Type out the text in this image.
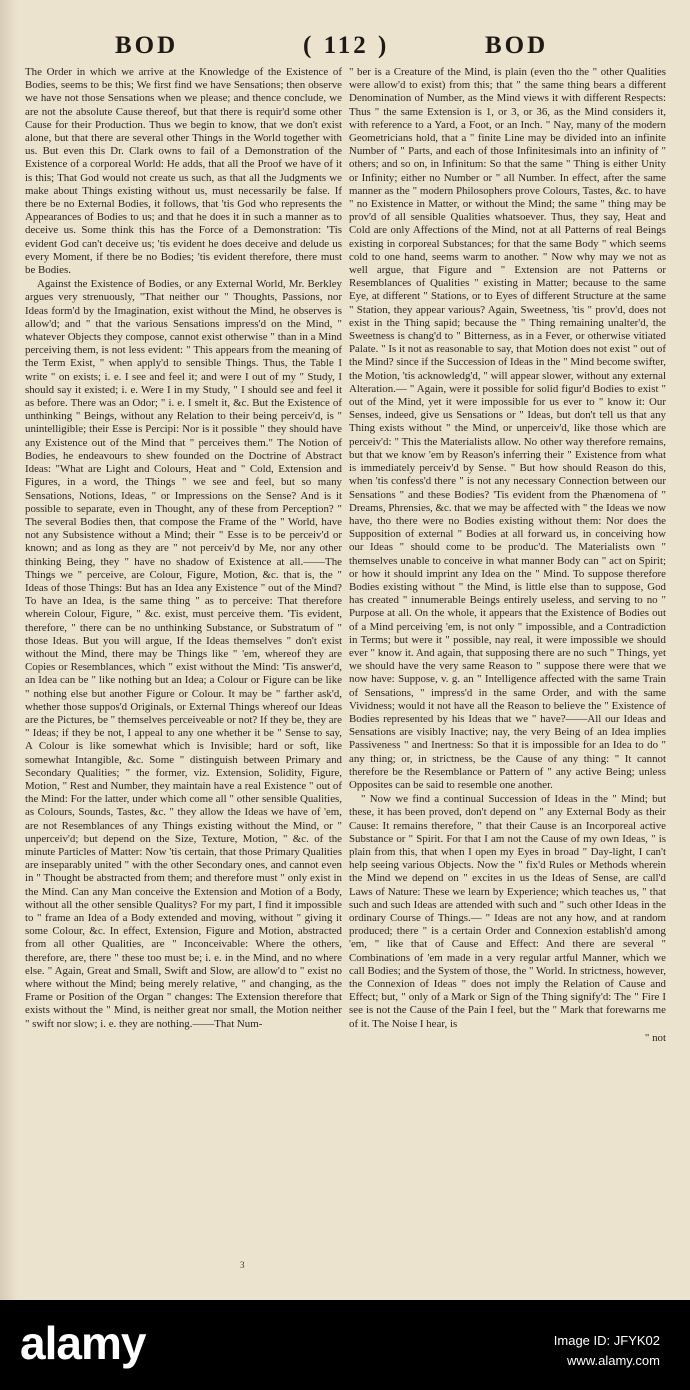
BOD	( 112 )	BOD

The Order in which we arrive at the Knowledge of the Existence of Bodies, seems to be this; We first find we have Sensations; then observe we have not those Sensations when we please; and thence conclude, we are not the absolute Cause thereof, but that there is requir'd some other Cause for their Production. Thus we begin to know, that we don't exist alone, but that there are several other Things in the World together with us. But even this Dr. Clark owns to fail of a Demonstration of the Existence of a corporeal World: He adds, that all the Proof we have of it is this; That God would not create us such, as that all the Judgments we make about Things existing without us, must necessarily be false. If there be no External Bodies, it follows, that 'tis God who represents the Appearances of Bodies to us; and that he does it in such a manner as to deceive us. Some think this has the Force of a Demonstration: 'Tis evident God can't deceive us; 'tis evident he does deceive and delude us every Moment, if there be no Bodies; 'tis evident therefore, there must be Bodies.

Against the Existence of Bodies, or any External World, Mr. Berkley argues very strenuously, "That neither our " Thoughts, Passions, nor Ideas form'd by the Imagination, exist without the Mind, he observes is allow'd; and " that the various Sensations impress'd on the Mind, " whatever Objects they compose, cannot exist otherwise " than in a Mind perceiving them, is not less evident: " This appears from the meaning of the Term Exist, " when apply'd to sensible Things. Thus, the Table I write " on exists; i. e. I see and feel it; and were I out of my " Study, I should say it existed; i. e. Were I in my Study, " I should see and feel it as before. There was an Odor; " i. e. I smelt it, &c. But the Existence of unthinking " Beings, without any Relation to their being perceiv'd, is " unintelligible; their Esse is Percipi: Nor is it possible " they should have any Existence out of the Mind that " perceives them." The Notion of Bodies, he endeavours to shew founded on the Doctrine of Abstract Ideas: "What are Light and Colours, Heat and " Cold, Extension and Figures, in a word, the Things " we see and feel, but so many Sensations, Notions, Ideas, " or Impressions on the Sense? And is it possible to separate, even in Thought, any of these from Perception? " The several Bodies then, that compose the Frame of the " World, have not any Subsistence without a Mind; their " Esse is to be perceiv'd or known; and as long as they are " not perceiv'd by Me, nor any other thinking Being, they " have no shadow of Existence at all.——The Things we " perceive, are Colour, Figure, Motion, &c. that is, the " Ideas of those Things: But has an Idea any Existence " out of the Mind? To have an Idea, is the same thing " as to perceive: That therefore wherein Colour, Figure, " &c. exist, must perceive them. 'Tis evident, therefore, " there can be no unthinking Substance, or Substratum of " those Ideas. But you will argue, If the Ideas themselves " don't exist without the Mind, there may be Things like " 'em, whereof they are Copies or Resemblances, which " exist without the Mind: 'Tis answer'd, an Idea can be " like nothing but an Idea; a Colour or Figure can be like " nothing else but another Figure or Colour. It may be " farther ask'd, whether those suppos'd Originals, or External Things whereof our Ideas are the Pictures, be " themselves perceiveable or not? If they be, they are " Ideas; if they be not, I appeal to any one whether it be " Sense to say, A Colour is like somewhat which is Invisible; hard or soft, like somewhat Intangible, &c. Some " distinguish between Primary and Secondary Qualities; " the former, viz. Extension, Solidity, Figure, Motion, " Rest and Number, they maintain have a real Existence " out of the Mind: For the latter, under which come all " other sensible Qualities, as Colours, Sounds, Tastes, &c. " they allow the Ideas we have of 'em, are not Resemblances of any Things existing without the Mind, or " unperceiv'd; but depend on the Size, Texture, Motion, " &c. of the minute Particles of Matter: Now 'tis certain, that those Primary Qualities are inseparably united " with the other Secondary ones, and cannot even in " Thought be abstracted from them; and therefore must " only exist in the Mind. Can any Man conceive the Extension and Motion of a Body, without all the other sensible Qualitys? For my part, I find it impossible to " frame an Idea of a Body extended and moving, without " giving it some Colour, &c. In effect, Extension, Figure and Motion, abstracted from all other Qualities, are " Inconceivable: Where the others, therefore, are, there " these too must be; i. e. in the Mind, and no where else. " Again, Great and Small, Swift and Slow, are allow'd to " exist no where without the Mind; being merely relative, " and changing, as the Frame or Position of the Organ " changes: The Extension therefore that exists without the " Mind, is neither great nor small, the Motion neither " swift nor slow; i. e. they are nothing.——That Num-

" ber is a Creature of the Mind, is plain (even tho the " other Qualities were allow'd to exist) from this; that " the same thing bears a different Denomination of Number, as the Mind views it with different Respects: Thus " the same Extension is 1, or 3, or 36, as the Mind considers it, with reference to a Yard, a Foot, or an Inch. " Nay, many of the modern Geometricians hold, that a " finite Line may be divided into an infinite Number of " Parts, and each of those Infinitesimals into an infinity of " others; and so on, in Infinitum: So that the same " Thing is either Unity or Infinity; either no Number or " all Number. In effect, after the same manner as the " modern Philosophers prove Colours, Tastes, &c. to have " no Existence in Matter, or without the Mind; the same " thing may be prov'd of all sensible Qualities whatsoever. Thus, they say, Heat and Cold are only Affections of the Mind, not at all Patterns of real Beings existing in corporeal Substances; for that the same Body " which seems cold to one hand, seems warm to another. " Now why may we not as well argue, that Figure and " Extension are not Patterns or Resemblances of Qualities " existing in Matter; because to the same Eye, at different " Stations, or to Eyes of different Structure at the same " Station, they appear various? Again, Sweetness, 'tis " prov'd, does not exist in the Thing sapid; because the " Thing remaining unalter'd, the Sweetness is chang'd to " Bitterness, as in a Fever, or otherwise vitiated Palate. " Is it not as reasonable to say, that Motion does not exist " out of the Mind? since if the Succession of Ideas in the " Mind become swifter, the Motion, 'tis acknowledg'd, " will appear slower, without any external Alteration.— " Again, were it possible for solid figur'd Bodies to exist " out of the Mind, yet it were impossible for us ever to " know it: Our Senses, indeed, give us Sensations or " Ideas, but don't tell us that any Thing exists without " the Mind, or unperceiv'd, like those which are perceiv'd: " This the Materialists allow. No other way therefore remains, but that we know 'em by Reason's inferring their " Existence from what is immediately perceiv'd by Sense. " But how should Reason do this, when 'tis confess'd there " is not any necessary Connection between our Sensations " and these Bodies? 'Tis evident from the Phænomena of " Dreams, Phrensies, &c. that we may be affected with " the Ideas we now have, tho there were no Bodies existing without them: Nor does the Supposition of external " Bodies at all forward us, in conceiving how our Ideas " should come to be produc'd. The Materialists own " themselves unable to conceive in what manner Body can " act on Spirit; or how it should imprint any Idea on the " Mind. To suppose therefore Bodies existing without " the Mind, is little else than to suppose, God has created " innumerable Beings entirely useless, and serving to no " Purpose at all. On the whole, it appears that the Existence of Bodies out of a Mind perceiving 'em, is not only " impossible, and a Contradiction in Terms; but were it " possible, nay real, it were impossible we should ever " know it. And again, that supposing there are no such " Things, yet we should have the very same Reason to " suppose there were that we now have: Suppose, v. g. an " Intelligence affected with the same Train of Sensations, " impress'd in the same Order, and with the same Vividness; would it not have all the Reason to believe the " Existence of Bodies represented by his Ideas that we " have?——All our Ideas and Sensations are visibly Inactive; nay, the very Being of an Idea implies Passiveness " and Inertness: So that it is impossible for an Idea to do " any thing; or, in strictness, be the Cause of any thing: " It cannot therefore be the Resemblance or Pattern of " any active Being; unless Opposites can be said to resemble one another.

" Now we find a continual Succession of Ideas in the " Mind; but these, it has been proved, don't depend on " any External Body as their Cause: It remains therefore, " that their Cause is an Incorporeal active Substance or " Spirit. For that I am not the Cause of my own Ideas, " is plain from this, that when I open my Eyes in broad " Day-light, I can't help seeing various Objects. Now the " fix'd Rules or Methods wherein the Mind we depend on " excites in us the Ideas of Sense, are call'd Laws of Nature: These we learn by Experience; which teaches us, " that such and such Ideas are attended with such and " such other Ideas in the ordinary Course of Things.— " Ideas are not any how, and at random produced; there " is a certain Order and Connexion establish'd among 'em, " like that of Cause and Effect: And there are several " Combinations of 'em made in a very regular artful Manner, which we call Bodies; and the System of those, the " World. In strictness, however, the Connexion of Ideas " does not imply the Relation of Cause and Effect; but, " only of a Mark or Sign of the Thing signify'd: The " Fire I see is not the Cause of the Pain I feel, but the " Mark that forewarns me of it. The Noise I hear, is

" not

3
alamy	Image ID: JFYK02
www.alamy.com
